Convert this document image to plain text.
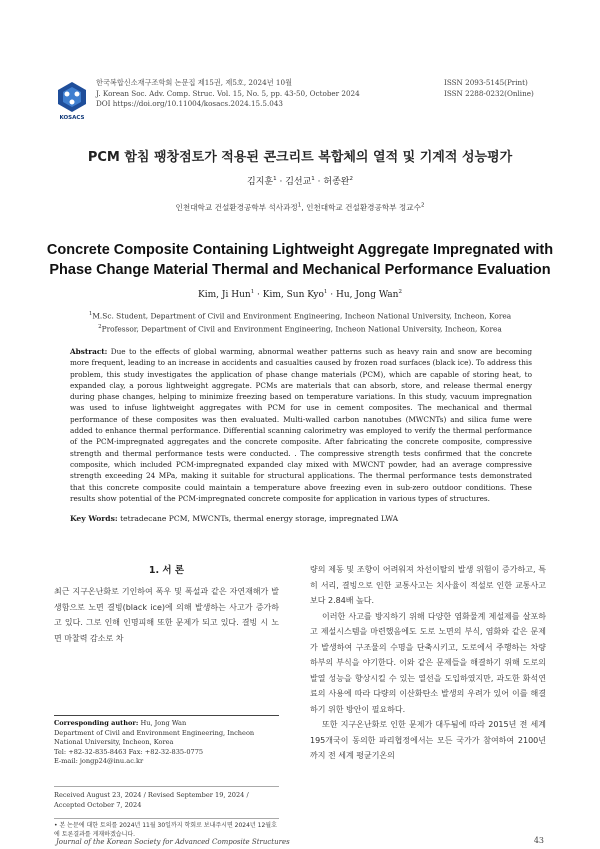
KOSACS
한국복합신소재구조학회 논문집 제15권, 제5호, 2024년 10월
J. Korean Soc. Adv. Comp. Struc. Vol. 15, No. 5, pp. 43-50, October 2024
DOI https://doi.org/10.11004/kosacs.2024.15.5.043
ISSN 2093-5145(Print)
ISSN 2288-0232(Online)
PCM 함침 팽창점토가 적용된 콘크리트 복합체의 열적 및 기계적 성능평가
김지훈$^1$ · 김선교$^1$ · 허종완$^2$
인천대학교 건설환경공학부 석사과정$^1$, 인천대학교 건설환경공학부 정교수$^2$
Concrete Composite Containing Lightweight Aggregate Impregnated with Phase Change Material Thermal and Mechanical Performance Evaluation
Kim, Ji Hun$^1$ · Kim, Sun Kyo$^1$ · Hu, Jong Wan$^2$
$^1$M.Sc. Student, Department of Civil and Environment Engineering, Incheon National University, Incheon, Korea
$^2$Professor, Department of Civil and Environment Engineering, Incheon National University, Incheon, Korea
Abstract: Due to the effects of global warming, abnormal weather patterns such as heavy rain and snow are becoming more frequent, leading to an increase in accidents and casualties caused by frozen road surfaces (black ice). To address this problem, this study investigates the application of phase change materials (PCM), which are capable of storing heat, to expanded clay, a porous lightweight aggregate. PCMs are materials that can absorb, store, and release thermal energy during phase changes, helping to minimize freezing based on temperature variations. In this study, vacuum impregnation was used to infuse lightweight aggregates with PCM for use in cement composites. The mechanical and thermal performance of these composites was then evaluated. Multi-walled carbon nanotubes (MWCNTs) and silica fume were added to enhance thermal performance. Differential scanning calorimetry was employed to verify the thermal performance of the PCM-impregnated aggregates and the concrete composite. After fabricating the concrete composite, compressive strength and thermal performance tests were conducted. . The compressive strength tests confirmed that the concrete composite, which included PCM-impregnated expanded clay mixed with MWCNT powder, had an average compressive strength exceeding 24 MPa, making it suitable for structural applications. The thermal performance tests demonstrated that this concrete composite could maintain a temperature above freezing even in sub-zero outdoor conditions. These results show potential of the PCM-impregnated concrete composite for application in various types of structures.
Key Words: tetradecane PCM, MWCNTs, thermal energy storage, impregnated LWA
1. 서 론

최근 지구온난화로 기인하여 폭우 및 폭설과 같은 자연재해가 발생함으로 노면 결빙(black ice)에 의해 발생하는 사고가 증가하고 있다. 그로 인해 인명피해 또한 문제가 되고 있다. 결빙 시 노면 마찰력 감소로 차

량의 제동 및 조향이 어려워져 차선이탈의 발생 위험이 증가하고, 특히 서리, 결빙으로 인한 교통사고는 치사율이 적설로 인한 교통사고보다 2.84배 높다.

이러한 사고를 방지하기 위해 다양한 염화물계 제설제를 살포하고 제설시스템을 마련했음에도 도로 노면의 부식, 염화와 같은 문제가 발생하여 구조물의 수명을 단축시키고, 도로에서 주행하는 차량 하부의 부식을 야기한다. 이와 같은 문제들을 해결하기 위해 도로의 발열 성능을 향상시킬 수 있는 열선을 도입하였지만, 과도한 화석연료의 사용에 따라 다량의 이산화탄소 발생의 우려가 있어 이를 해결하기 위한 방안이 필요하다.

또한 지구온난화로 인한 문제가 대두됨에 따라 2015년 전 세계 195개국이 동의한 파리협정에서는 모든 국가가 참여하여 2100년까지 전 세계 평균기온의

Corresponding author: Hu, Jong Wan
Department of Civil and Environment Engineering, Incheon National University, Incheon, Korea
Tel: +82-32-835-8463 Fax: +82-32-835-0775
E-mail: jongp24@inu.ac.kr
Received August 23, 2024 / Revised September 19, 2024 / Accepted October 7, 2024
• 본 논문에 대한 토의를 2024년 11월 30일까지 학회로 보내주시면 2024년 12월호에 토론결과를 게재하겠습니다.
Journal of the Korean Society for Advanced Composite Structures	43
